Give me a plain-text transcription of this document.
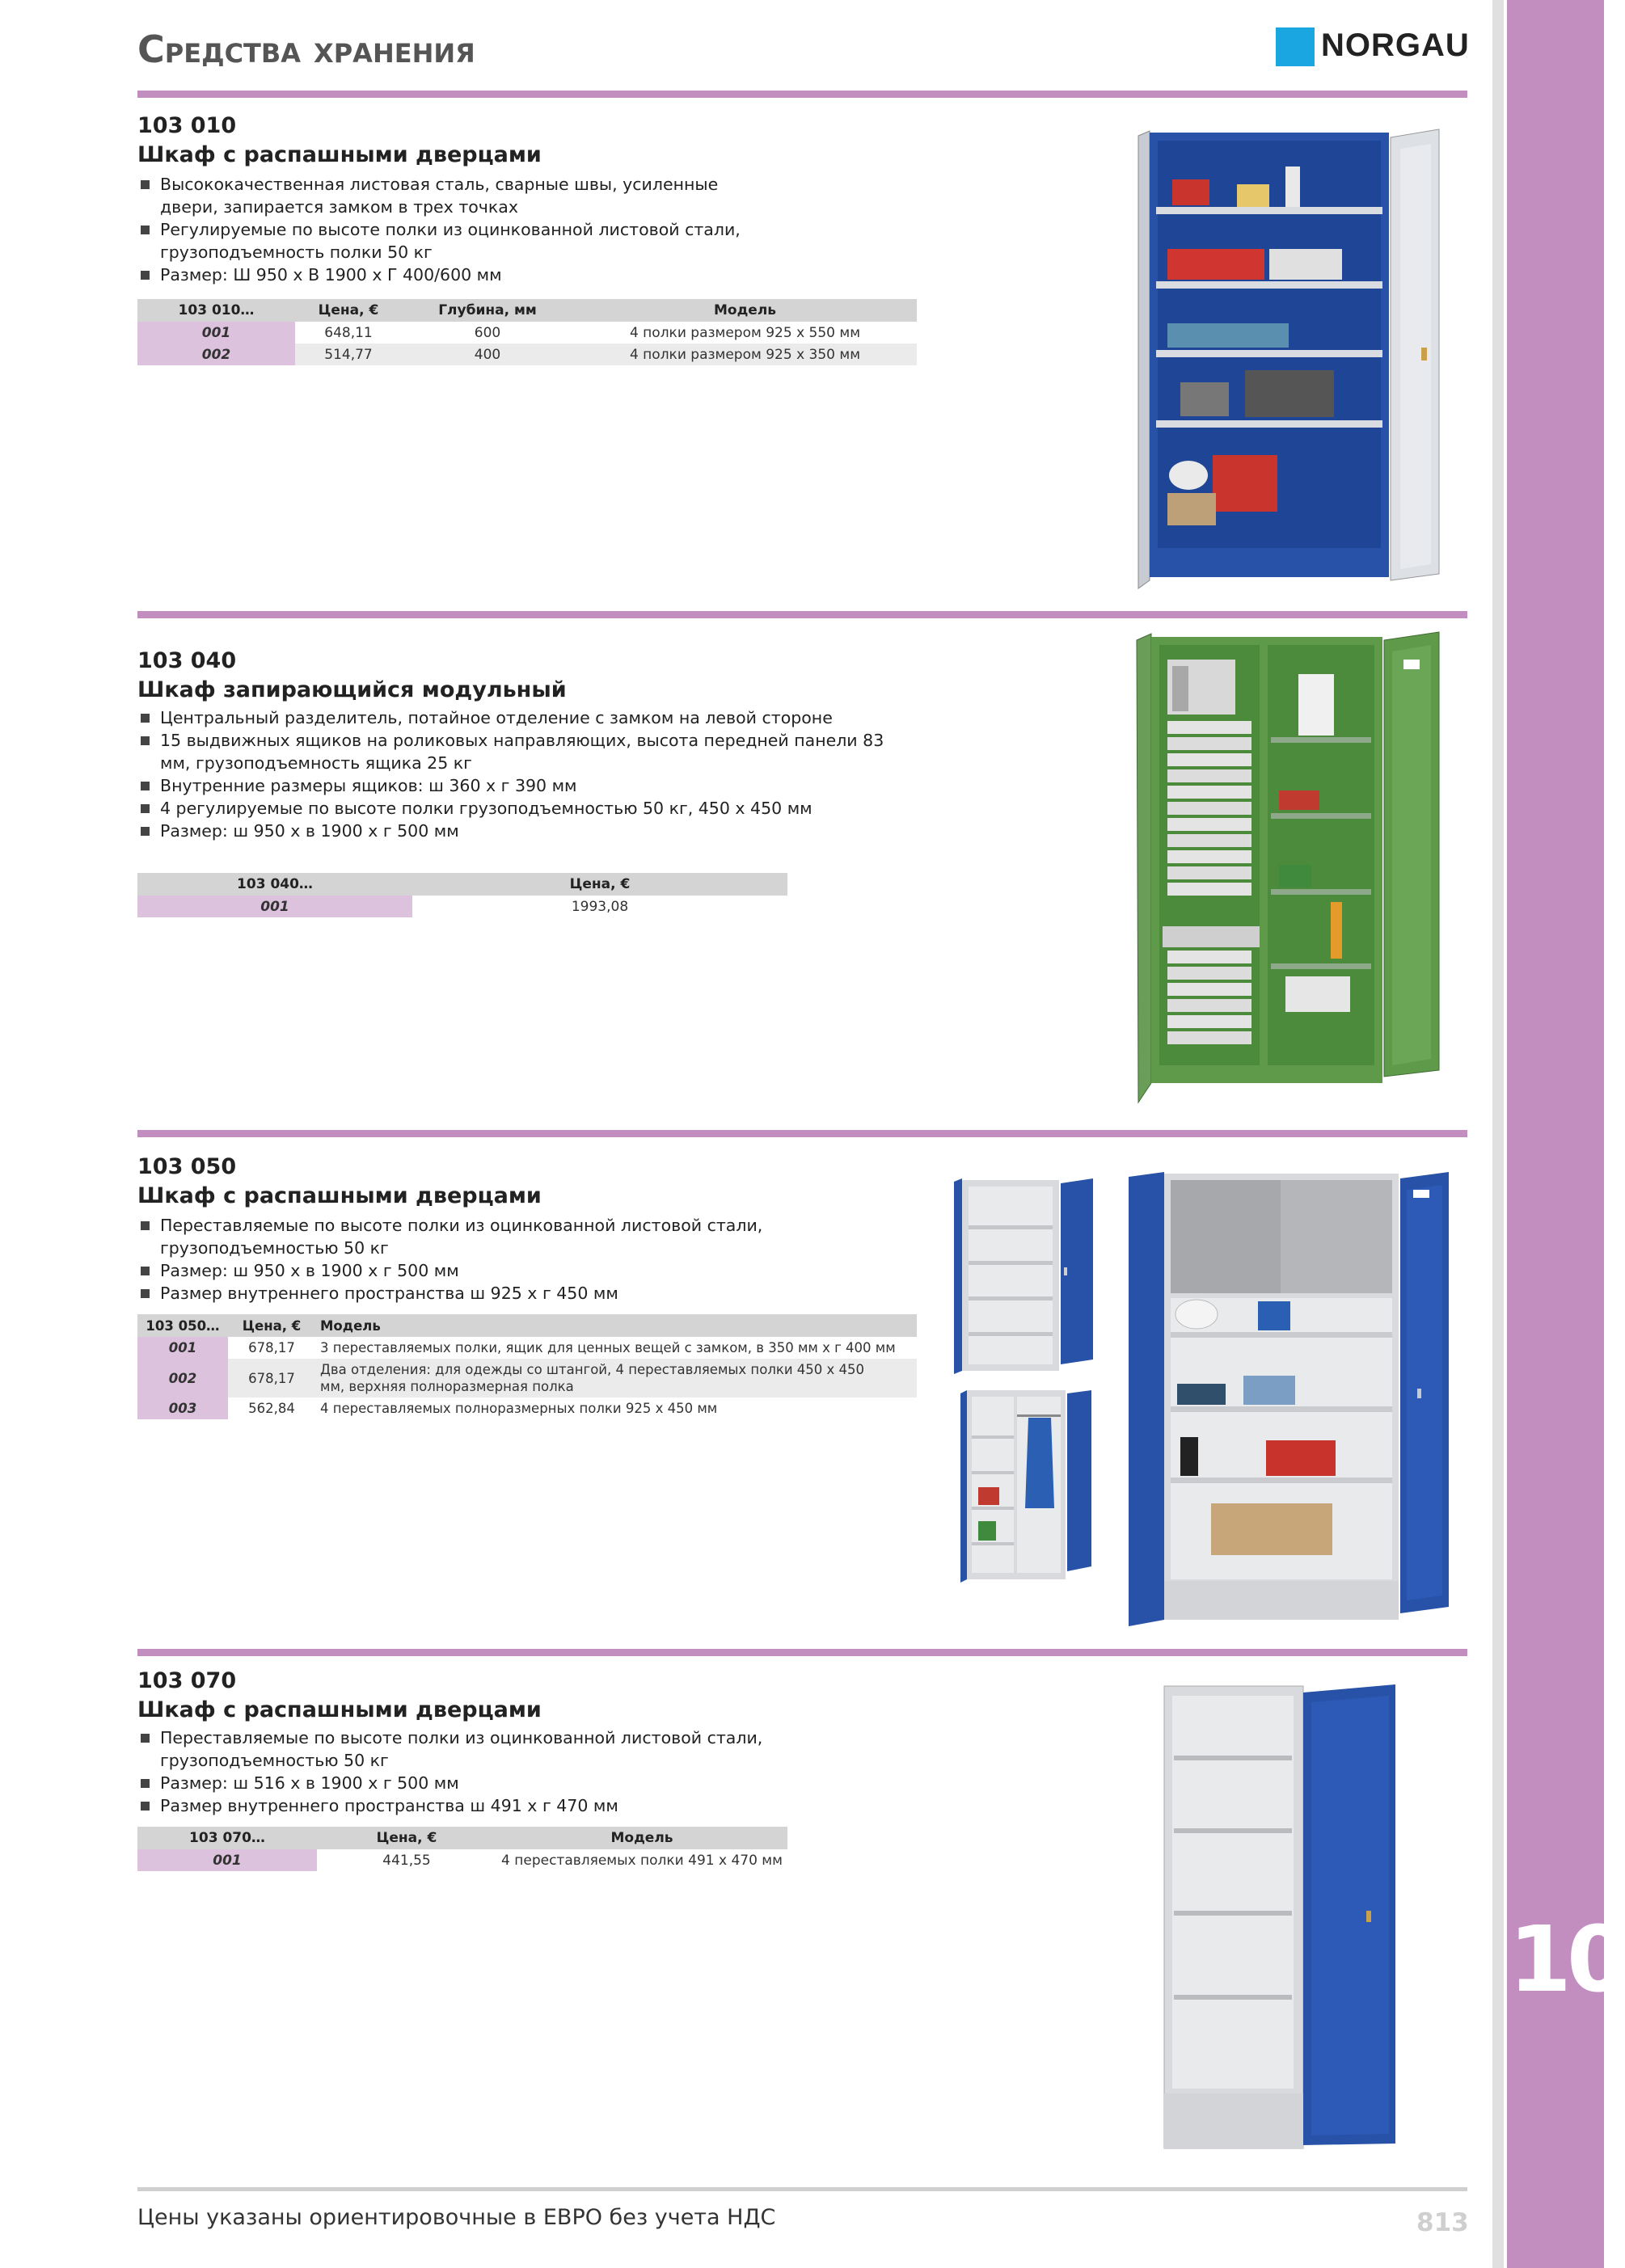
10
Средства хранения	NORGAU
103 010
Шкаф с распашными дверцами
Высококачественная листовая сталь, сварные швы, усиленные двери, запирается замком в трех точках
Регулируемые по высоте полки из оцинкованной листовой стали, грузоподъемность полки 50 кг
Размер: Ш 950 х В 1900 х Г 400/600 мм
103 010…	Цена, €	Глубина, мм	Модель
001	648,11	600	4 полки размером 925 х 550 мм
002	514,77	400	4 полки размером 925 х 350 мм
103 040
Шкаф запирающийся модульный
Центральный разделитель, потайное отделение с замком на левой стороне
15 выдвижных ящиков на роликовых направляющих, высота передней панели 83 мм, грузоподъемность ящика 25 кг
Внутренние размеры ящиков: ш 360 х г 390 мм
4 регулируемые по высоте полки грузоподъемностью 50 кг, 450 х 450 мм
Размер: ш 950 х в 1900 х г 500 мм
103 040…	Цена, €
001	1993,08
103 050
Шкаф с распашными дверцами
Переставляемые по высоте полки из оцинкованной листовой стали, грузоподъемностью 50 кг
Размер: ш 950 х в 1900 х г 500 мм
Размер внутреннего пространства ш 925 х г 450 мм
103 050…	Цена, €	Модель
001	678,17	3 переставляемых полки, ящик для ценных вещей с замком, в 350 мм х г 400 мм
002	678,17	Два отделения: для одежды со штангой, 4 переставляемых полки 450 х 450 мм, верхняя полноразмерная полка
003	562,84	4 переставляемых полноразмерных полки 925 х 450 мм
103 070
Шкаф с распашными дверцами
Переставляемые по высоте полки из оцинкованной листовой стали, грузоподъемностью 50 кг
Размер: ш 516 х в 1900 х г 500 мм
Размер внутреннего пространства ш 491 х г 470 мм
103 070…	Цена, €	Модель
001	441,55	4 переставляемых полки 491 х 470 мм
Цены указаны ориентировочные в ЕВРО без учета НДС	813
